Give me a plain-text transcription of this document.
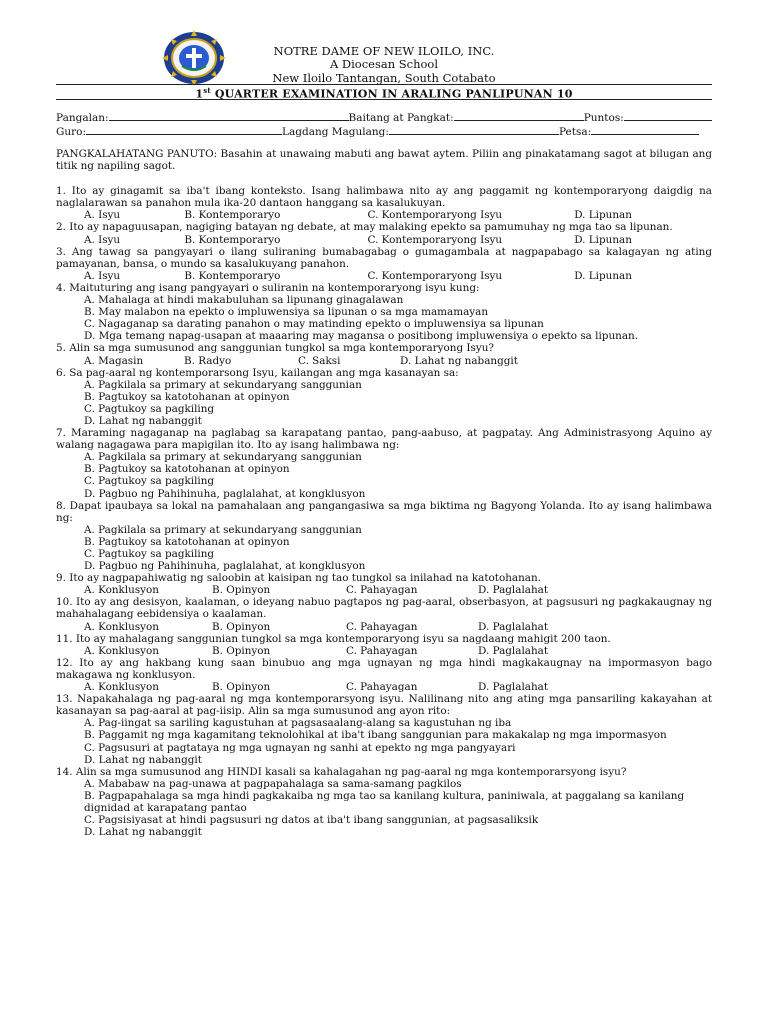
NOTRE DAME OF NEW ILOILO, INC.
A Diocesan School
New Iloilo Tantangan, South Cotabato
1st QUARTER EXAMINATION IN ARALING PANLIPUNAN 10
Pangalan:	Baitang at Pangkat:	Puntos:
Guro:	Lagdang Magulang:	Petsa:
PANGKALAHATANG PANUTO: Basahin at unawaing mabuti ang bawat aytem. Piliin ang pinakatamang sagot at bilugan ang titik ng napiling sagot.
1. Ito ay ginagamit sa iba't ibang konteksto. Isang halimbawa nito ay ang paggamit ng kontemporaryong daigdig na naglalarawan sa panahon mula ika-20 dantaon hanggang sa kasalukuyan.
A. Isyu	B. Kontemporaryo	C. Kontemporaryong Isyu	D. Lipunan
2. Ito ay napaguusapan, nagiging batayan ng debate, at may malaking epekto sa pamumuhay ng mga tao sa lipunan.
A. Isyu	B. Kontemporaryo	C. Kontemporaryong Isyu	D. Lipunan
3. Ang tawag sa pangyayari o ilang suliraning bumabagabag o gumagambala at nagpapabago sa kalagayan ng ating pamayanan, bansa, o mundo sa kasalukuyang panahon.
A. Isyu	B. Kontemporaryo	C. Kontemporaryong Isyu	D. Lipunan
4. Maituturing ang isang pangyayari o suliranin na kontemporaryong isyu kung:
A. Mahalaga at hindi makabuluhan sa lipunang ginagalawan
B. May malabon na epekto o impluwensiya sa lipunan o sa mga mamamayan
C. Nagaganap sa darating panahon o may matinding epekto o impluwensiya sa lipunan
D. Mga temang napag-usapan at maaaring may magansa o positibong impluwensiya o epekto sa lipunan.
5. Alin sa mga sumusunod ang sanggunian tungkol sa mga kontemporaryong Isyu?
A. Magasin	B. Radyo	C. Saksi	D. Lahat ng nabanggit
6. Sa pag-aaral ng kontemporarsong Isyu, kailangan ang mga kasanayan sa:
A. Pagkilala sa primary at sekundaryang sanggunian
B. Pagtukoy sa katotohanan at opinyon
C. Pagtukoy sa pagkiling
D. Lahat ng nabanggit
7. Maraming nagaganap na paglabag sa karapatang pantao, pang-aabuso, at pagpatay. Ang Administrasyong Aquino ay walang nagagawa para mapigilan ito. Ito ay isang halimbawa ng:
A. Pagkilala sa primary at sekundaryang sanggunian
B. Pagtukoy sa katotohanan at opinyon
C. Pagtukoy sa pagkiling
D. Pagbuo ng Pahihinuha, paglalahat, at kongklusyon
8. Dapat ipaubaya sa lokal na pamahalaan ang pangangasiwa sa mga biktima ng Bagyong Yolanda. Ito ay isang halimbawa ng:
A. Pagkilala sa primary at sekundaryang sanggunian
B. Pagtukoy sa katotohanan at opinyon
C. Pagtukoy sa pagkiling
D. Pagbuo ng Pahihinuha, paglalahat, at kongklusyon
9. Ito ay nagpapahiwatig ng saloobin at kaisipan ng tao tungkol sa inilahad na katotohanan.
A. Konklusyon	B. Opinyon	C. Pahayagan	D. Paglalahat
10. Ito ay ang desisyon, kaalaman, o ideyang nabuo pagtapos ng pag-aaral, obserbasyon, at pagsusuri ng pagkakaugnay ng mahahalagang eebidensiya o kaalaman.
A. Konklusyon	B. Opinyon	C. Pahayagan	D. Paglalahat
11. Ito ay mahalagang sanggunian tungkol sa mga kontemporaryong isyu sa nagdaang mahigit 200 taon.
A. Konklusyon	B. Opinyon	C. Pahayagan	D. Paglalahat
12. Ito ay ang hakbang kung saan binubuo ang mga ugnayan ng mga hindi magkakaugnay na impormasyon bago makagawa ng konklusyon.
A. Konklusyon	B. Opinyon	C. Pahayagan	D. Paglalahat
13. Napakahalaga ng pag-aaral ng mga kontemporarsyong isyu. Nalilinang nito ang ating mga pansariling kakayahan at kasanayan sa pag-aaral at pag-iisip. Alin sa mga sumusunod ang ayon rito:
A. Pag-iingat sa sariling kagustuhan at pagsasaalang-alang sa kagustuhan ng iba
B. Paggamit ng mga kagamitang teknolohikal at iba't ibang sanggunian para makakalap ng mga impormasyon
C. Pagsusuri at pagtataya ng mga ugnayan ng sanhi at epekto ng mga pangyayari
D. Lahat ng nabanggit
14. Alin sa mga sumusunod ang HINDI kasali sa kahalagahan ng pag-aaral ng mga kontemporarsyong isyu?
A. Mababaw na pag-unawa at pagpapahalaga sa sama-samang pagkilos
B. Pagpapahalaga sa mga hindi pagkakaiba ng mga tao sa kanilang kultura, paniniwala, at paggalang sa kanilang dignidad at karapatang pantao
C. Pagsisiyasat at hindi pagsusuri ng datos at iba't ibang sanggunian, at pagsasaliksik
D. Lahat ng nabanggit
